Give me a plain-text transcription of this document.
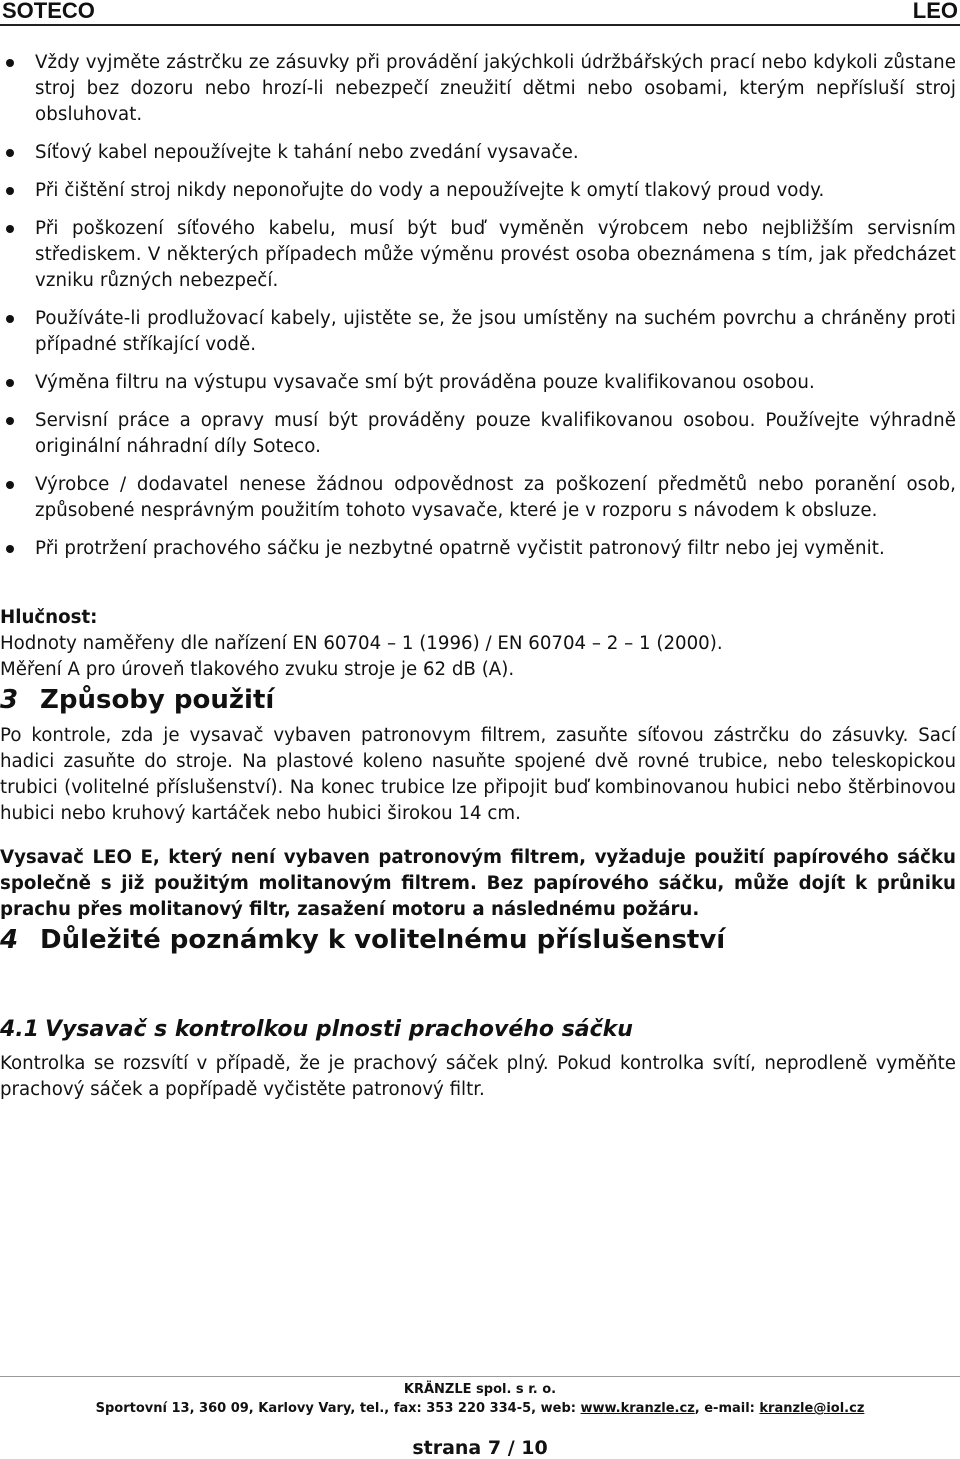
SOTECO	LEO
Vždy vyjměte zástrčku ze zásuvky při provádění jakýchkoli údržbářských prací nebo kdykoli zůstane stroj bez dozoru nebo hrozí-li nebezpečí zneužití dětmi nebo osobami, kterým nepřísluší stroj obsluhovat.
Síťový kabel nepoužívejte k tahání nebo zvedání vysavače.
Při čištění stroj nikdy neponořujte do vody a nepoužívejte k omytí tlakový proud vody.
Při poškození síťového kabelu, musí být buď vyměněn výrobcem nebo nejbližším servisním střediskem. V některých případech může výměnu provést osoba obeznámena s tím, jak předcházet vzniku různých nebezpečí.
Používáte-li prodlužovací kabely, ujistěte se, že jsou umístěny na suchém povrchu a chráněny proti případné stříkající vodě.
Výměna filtru na výstupu vysavače smí být prováděna pouze kvalifikovanou osobou.
Servisní práce a opravy musí být prováděny pouze kvalifikovanou osobou. Používejte výhradně originální náhradní díly Soteco.
Výrobce / dodavatel nenese žádnou odpovědnost za poškození předmětů nebo poranění osob, způsobené nesprávným použitím tohoto vysavače, které je v rozporu s návodem k obsluze.
Při protržení prachového sáčku je nezbytné opatrně vyčistit patronový filtr nebo jej vyměnit.
Hlučnost:
Hodnoty naměřeny dle nařízení EN 60704 – 1 (1996) / EN 60704 – 2 – 1 (2000).
Měření A pro úroveň tlakového zvuku stroje je 62 dB (A).
3 Způsoby použití

Po kontrole, zda je vysavač vybaven patronovym filtrem, zasuňte síťovou zástrčku do zásuvky. Sací hadici zasuňte do stroje. Na plastové koleno nasuňte spojené dvě rovné trubice, nebo teleskopickou trubici (volitelné příslušenství). Na konec trubice lze připojit buď kombinovanou hubici nebo štěrbinovou hubici nebo kruhový kartáček nebo hubici širokou 14 cm.

Vysavač LEO E, který není vybaven patronovým filtrem, vyžaduje použití papírového sáčku společně s již použitým molitanovým filtrem. Bez papírového sáčku, může dojít k průniku prachu přes molitanový filtr, zasažení motoru a následnému požáru.

4 Důležité poznámky k volitelnému příslušenství
4.1 Vysavač s kontrolkou plnosti prachového sáčku

Kontrolka se rozsvítí v případě, že je prachový sáček plný. Pokud kontrolka svítí, neprodleně vyměňte prachový sáček a popřípadě vyčistěte patronový filtr.

KRÄNZLE spol. s r. o.
Sportovní 13, 360 09, Karlovy Vary, tel., fax: 353 220 334-5, web: www.kranzle.cz, e-mail: kranzle@iol.cz
strana 7 / 10
